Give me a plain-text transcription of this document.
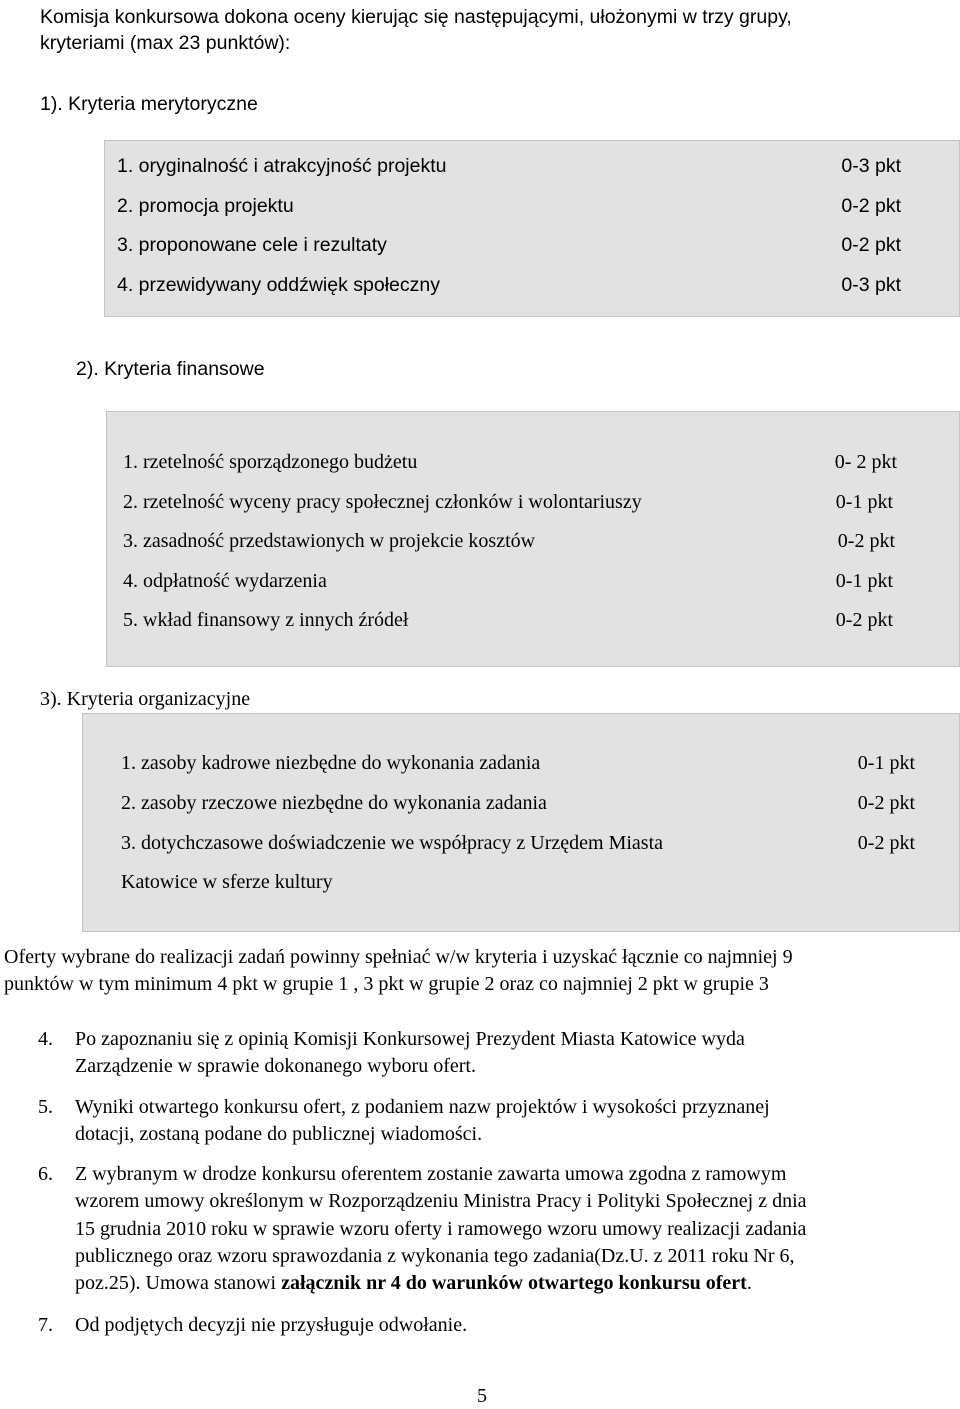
Komisja konkursowa dokona oceny kierując się następującymi, ułożonymi w trzy grupy,
kryteriami (max 23 punktów):
1). Kryteria merytoryczne
1. oryginalność i atrakcyjność projektu	0-3 pkt
2. promocja projektu	0-2 pkt
3. proponowane cele i rezultaty	0-2 pkt
4. przewidywany oddźwięk społeczny	0-3 pkt
2). Kryteria finansowe
1. rzetelność sporządzonego budżetu	0- 2 pkt
2. rzetelność wyceny pracy społecznej członków i wolontariuszy	0-1 pkt
3. zasadność przedstawionych w projekcie kosztów	0-2 pkt
4. odpłatność wydarzenia	0-1 pkt
5. wkład finansowy z innych źródeł	0-2 pkt
3). Kryteria organizacyjne
1. zasoby kadrowe niezbędne do wykonania zadania	0-1 pkt
2. zasoby rzeczowe niezbędne do wykonania zadania	0-2 pkt
3. dotychczasowe doświadczenie we współpracy z Urzędem Miasta	0-2 pkt
Katowice w sferze kultury
Oferty wybrane do realizacji zadań powinny spełniać w/w kryteria i uzyskać łącznie co najmniej 9
punktów w tym minimum 4 pkt w grupie 1 , 3 pkt w grupie 2 oraz co najmniej 2 pkt w grupie 3
4. Po zapoznaniu się z opinią Komisji Konkursowej Prezydent Miasta Katowice wyda
Zarządzenie w sprawie dokonanego wyboru ofert.
5. Wyniki otwartego konkursu ofert, z podaniem nazw projektów i wysokości przyznanej
dotacji, zostaną podane do publicznej wiadomości.
6. Z wybranym w drodze konkursu oferentem zostanie zawarta umowa zgodna z ramowym
wzorem umowy określonym w Rozporządzeniu Ministra Pracy i Polityki Społecznej z dnia
15 grudnia 2010 roku w sprawie wzoru oferty i ramowego wzoru umowy realizacji zadania
publicznego oraz wzoru sprawozdania z wykonania tego zadania(Dz.U. z 2011 roku Nr 6,
poz.25). Umowa stanowi załącznik nr 4 do warunków otwartego konkursu ofert.
7. Od podjętych decyzji nie przysługuje odwołanie.
5
